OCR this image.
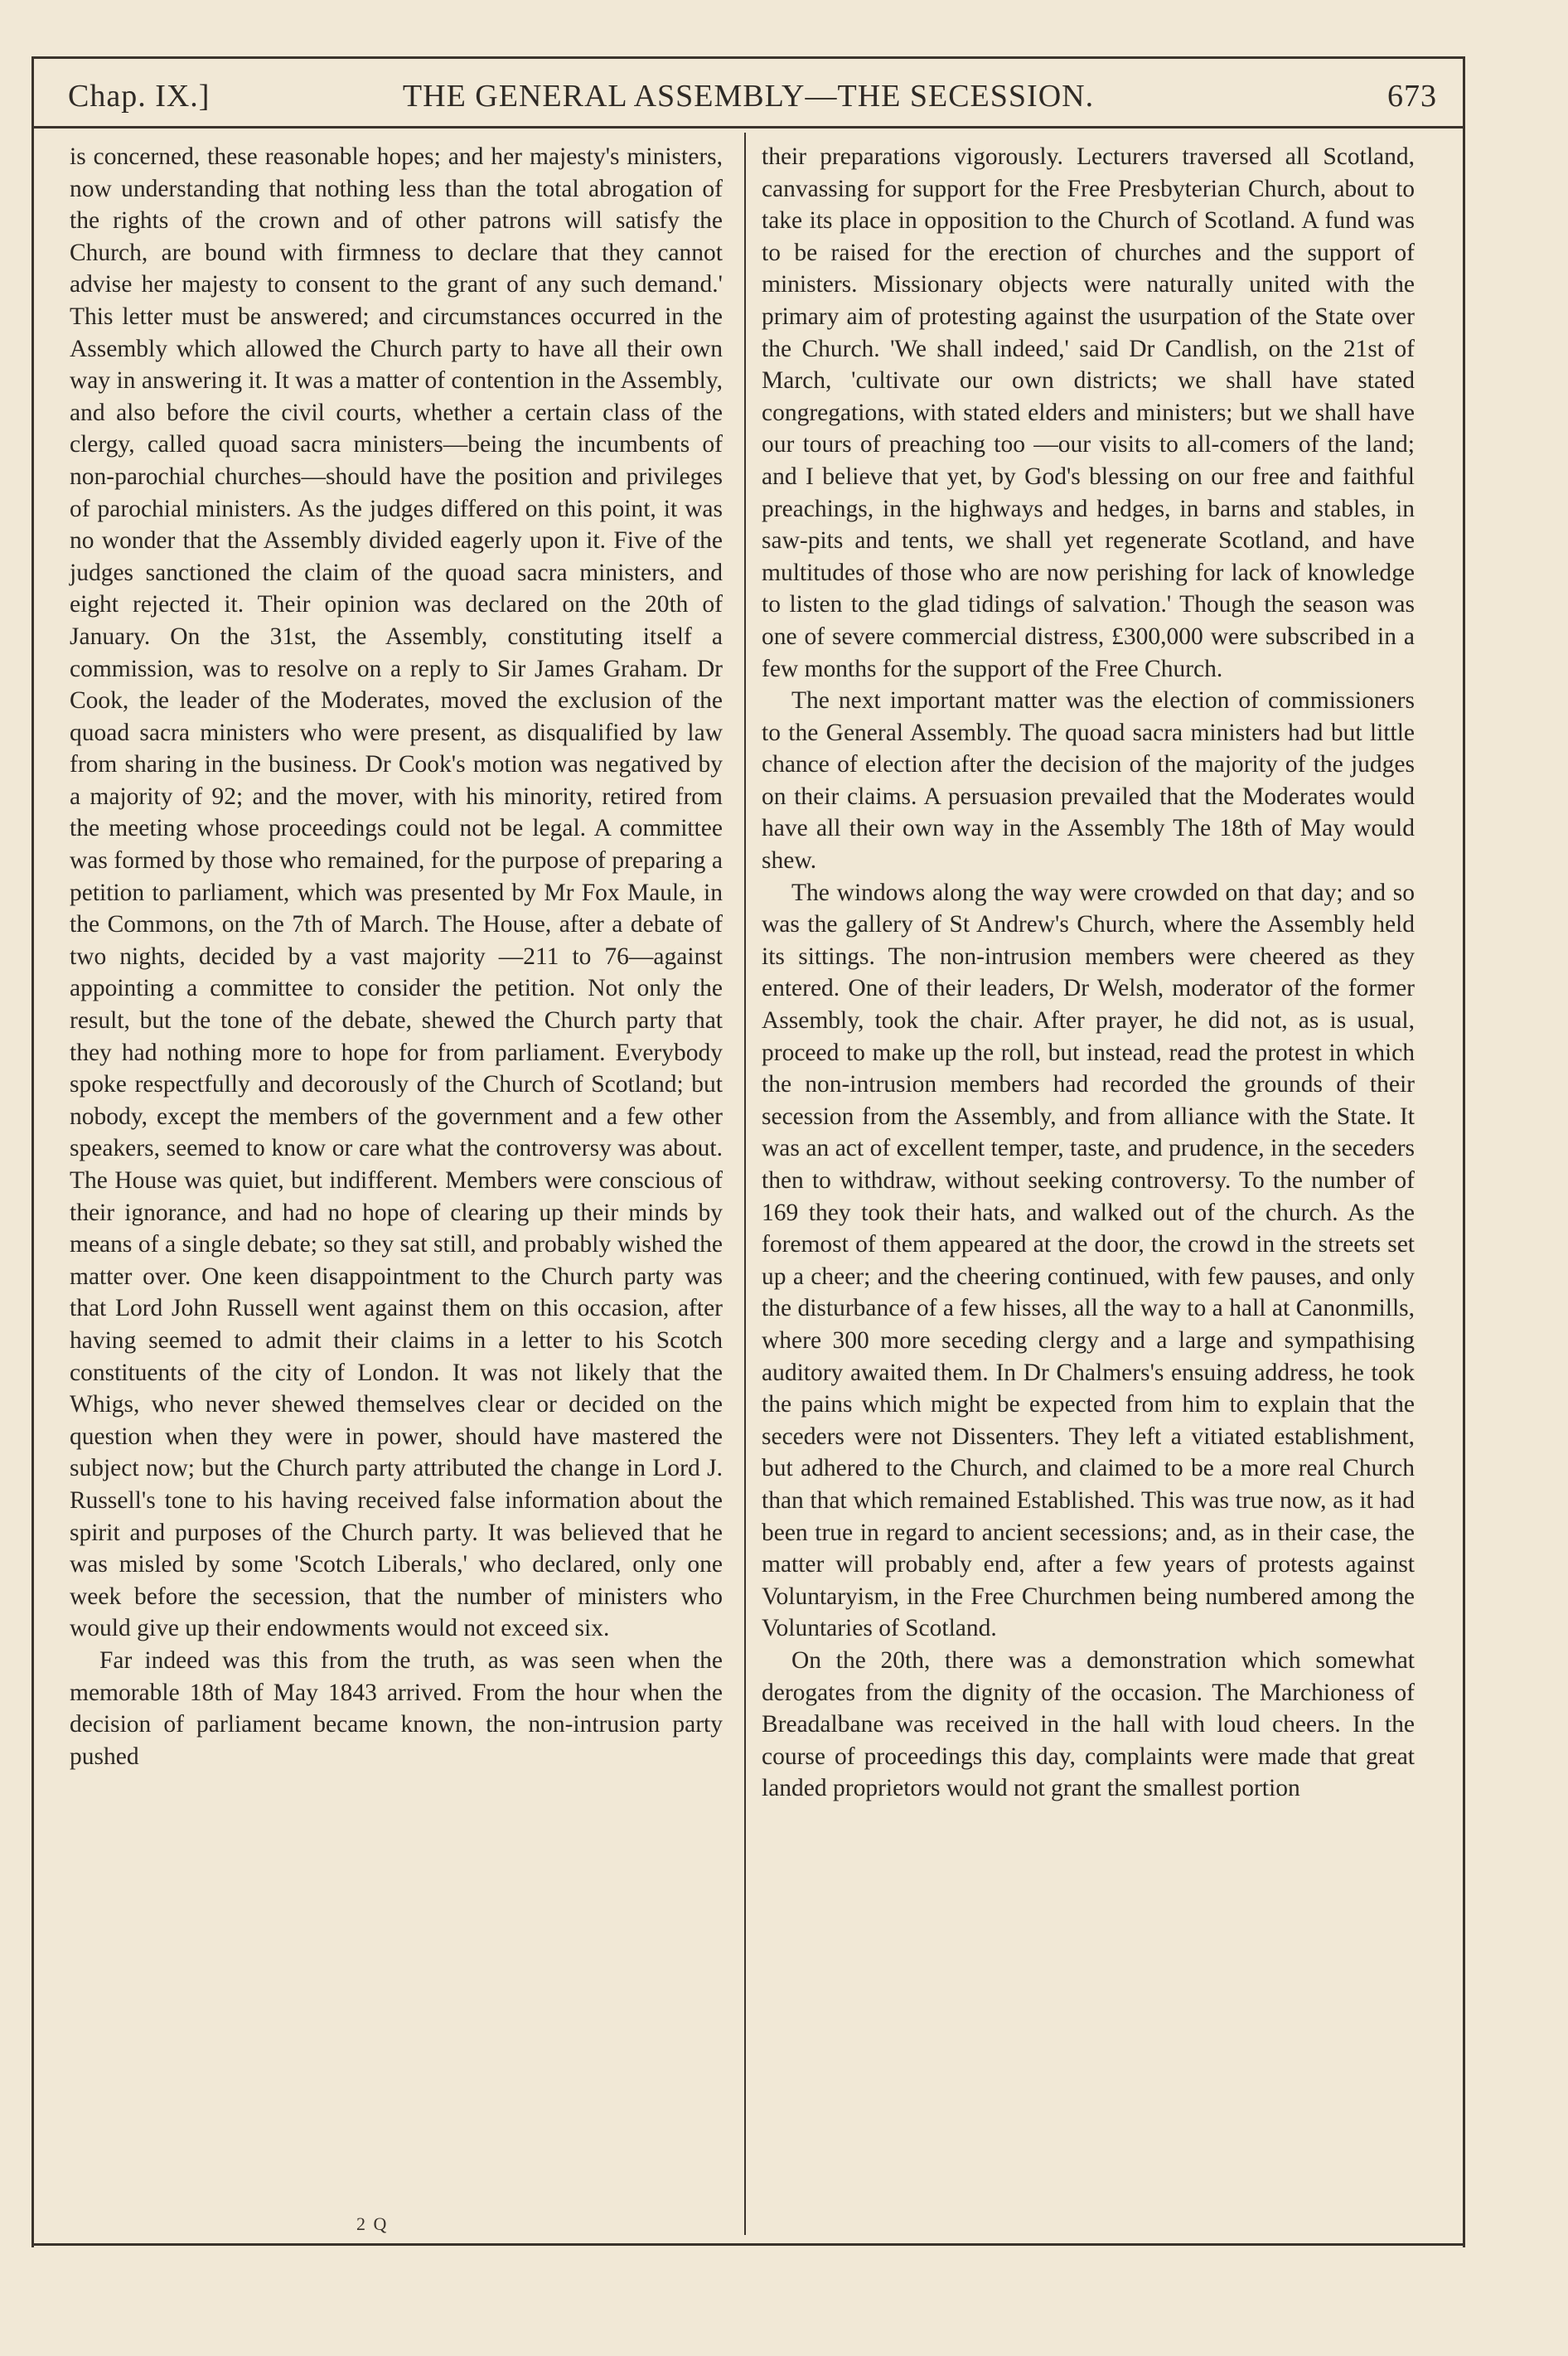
Chap. IX.]	THE GENERAL ASSEMBLY—THE SECESSION.	673

is concerned, these reasonable hopes; and her majesty's ministers, now understanding that nothing less than the total abrogation of the rights of the crown and of other patrons will satisfy the Church, are bound with firmness to declare that they cannot advise her majesty to consent to the grant of any such demand.' This letter must be answered; and circumstances occurred in the Assembly which allowed the Church party to have all their own way in answering it. It was a matter of contention in the Assembly, and also before the civil courts, whether a certain class of the clergy, called quoad sacra ministers—being the incumbents of non-parochial churches—should have the position and privileges of parochial ministers. As the judges differed on this point, it was no wonder that the Assembly divided eagerly upon it. Five of the judges sanctioned the claim of the quoad sacra ministers, and eight rejected it. Their opinion was declared on the 20th of January. On the 31st, the Assembly, constituting itself a commission, was to resolve on a reply to Sir James Graham. Dr Cook, the leader of the Moderates, moved the exclusion of the quoad sacra ministers who were present, as disqualified by law from sharing in the business. Dr Cook's motion was negatived by a majority of 92; and the mover, with his minority, retired from the meeting whose proceedings could not be legal. A committee was formed by those who remained, for the purpose of preparing a petition to parliament, which was presented by Mr Fox Maule, in the Commons, on the 7th of March. The House, after a debate of two nights, decided by a vast majority —211 to 76—against appointing a committee to consider the petition. Not only the result, but the tone of the debate, shewed the Church party that they had nothing more to hope for from parliament. Everybody spoke respectfully and decorously of the Church of Scotland; but nobody, except the members of the government and a few other speakers, seemed to know or care what the controversy was about. The House was quiet, but indifferent. Members were conscious of their ignorance, and had no hope of clearing up their minds by means of a single debate; so they sat still, and probably wished the matter over. One keen disappointment to the Church party was that Lord John Russell went against them on this occasion, after having seemed to admit their claims in a letter to his Scotch constituents of the city of London. It was not likely that the Whigs, who never shewed themselves clear or decided on the question when they were in power, should have mastered the subject now; but the Church party attributed the change in Lord J. Russell's tone to his having received false information about the spirit and purposes of the Church party. It was believed that he was misled by some 'Scotch Liberals,' who declared, only one week before the secession, that the number of ministers who would give up their endowments would not exceed six.

Far indeed was this from the truth, as was seen when the memorable 18th of May 1843 arrived. From the hour when the decision of parliament became known, the non-intrusion party pushed

their preparations vigorously. Lecturers traversed all Scotland, canvassing for support for the Free Presbyterian Church, about to take its place in opposition to the Church of Scotland. A fund was to be raised for the erection of churches and the support of ministers. Missionary objects were naturally united with the primary aim of protesting against the usurpation of the State over the Church. 'We shall indeed,' said Dr Candlish, on the 21st of March, 'cultivate our own districts; we shall have stated congregations, with stated elders and ministers; but we shall have our tours of preaching too —our visits to all-comers of the land; and I believe that yet, by God's blessing on our free and faithful preachings, in the highways and hedges, in barns and stables, in saw-pits and tents, we shall yet regenerate Scotland, and have multitudes of those who are now perishing for lack of knowledge to listen to the glad tidings of salvation.' Though the season was one of severe commercial distress, £300,000 were subscribed in a few months for the support of the Free Church.

The next important matter was the election of commissioners to the General Assembly. The quoad sacra ministers had but little chance of election after the decision of the majority of the judges on their claims. A persuasion prevailed that the Moderates would have all their own way in the Assembly The 18th of May would shew.

The windows along the way were crowded on that day; and so was the gallery of St Andrew's Church, where the Assembly held its sittings. The non-intrusion members were cheered as they entered. One of their leaders, Dr Welsh, moderator of the former Assembly, took the chair. After prayer, he did not, as is usual, proceed to make up the roll, but instead, read the protest in which the non-intrusion members had recorded the grounds of their secession from the Assembly, and from alliance with the State. It was an act of excellent temper, taste, and prudence, in the seceders then to withdraw, without seeking controversy. To the number of 169 they took their hats, and walked out of the church. As the foremost of them appeared at the door, the crowd in the streets set up a cheer; and the cheering continued, with few pauses, and only the disturbance of a few hisses, all the way to a hall at Canonmills, where 300 more seceding clergy and a large and sympathising auditory awaited them. In Dr Chalmers's ensuing address, he took the pains which might be expected from him to explain that the seceders were not Dissenters. They left a vitiated establishment, but adhered to the Church, and claimed to be a more real Church than that which remained Established. This was true now, as it had been true in regard to ancient secessions; and, as in their case, the matter will probably end, after a few years of protests against Voluntaryism, in the Free Churchmen being numbered among the Voluntaries of Scotland.

On the 20th, there was a demonstration which somewhat derogates from the dignity of the occasion. The Marchioness of Breadalbane was received in the hall with loud cheers. In the course of proceedings this day, complaints were made that great landed proprietors would not grant the smallest portion

2 Q
